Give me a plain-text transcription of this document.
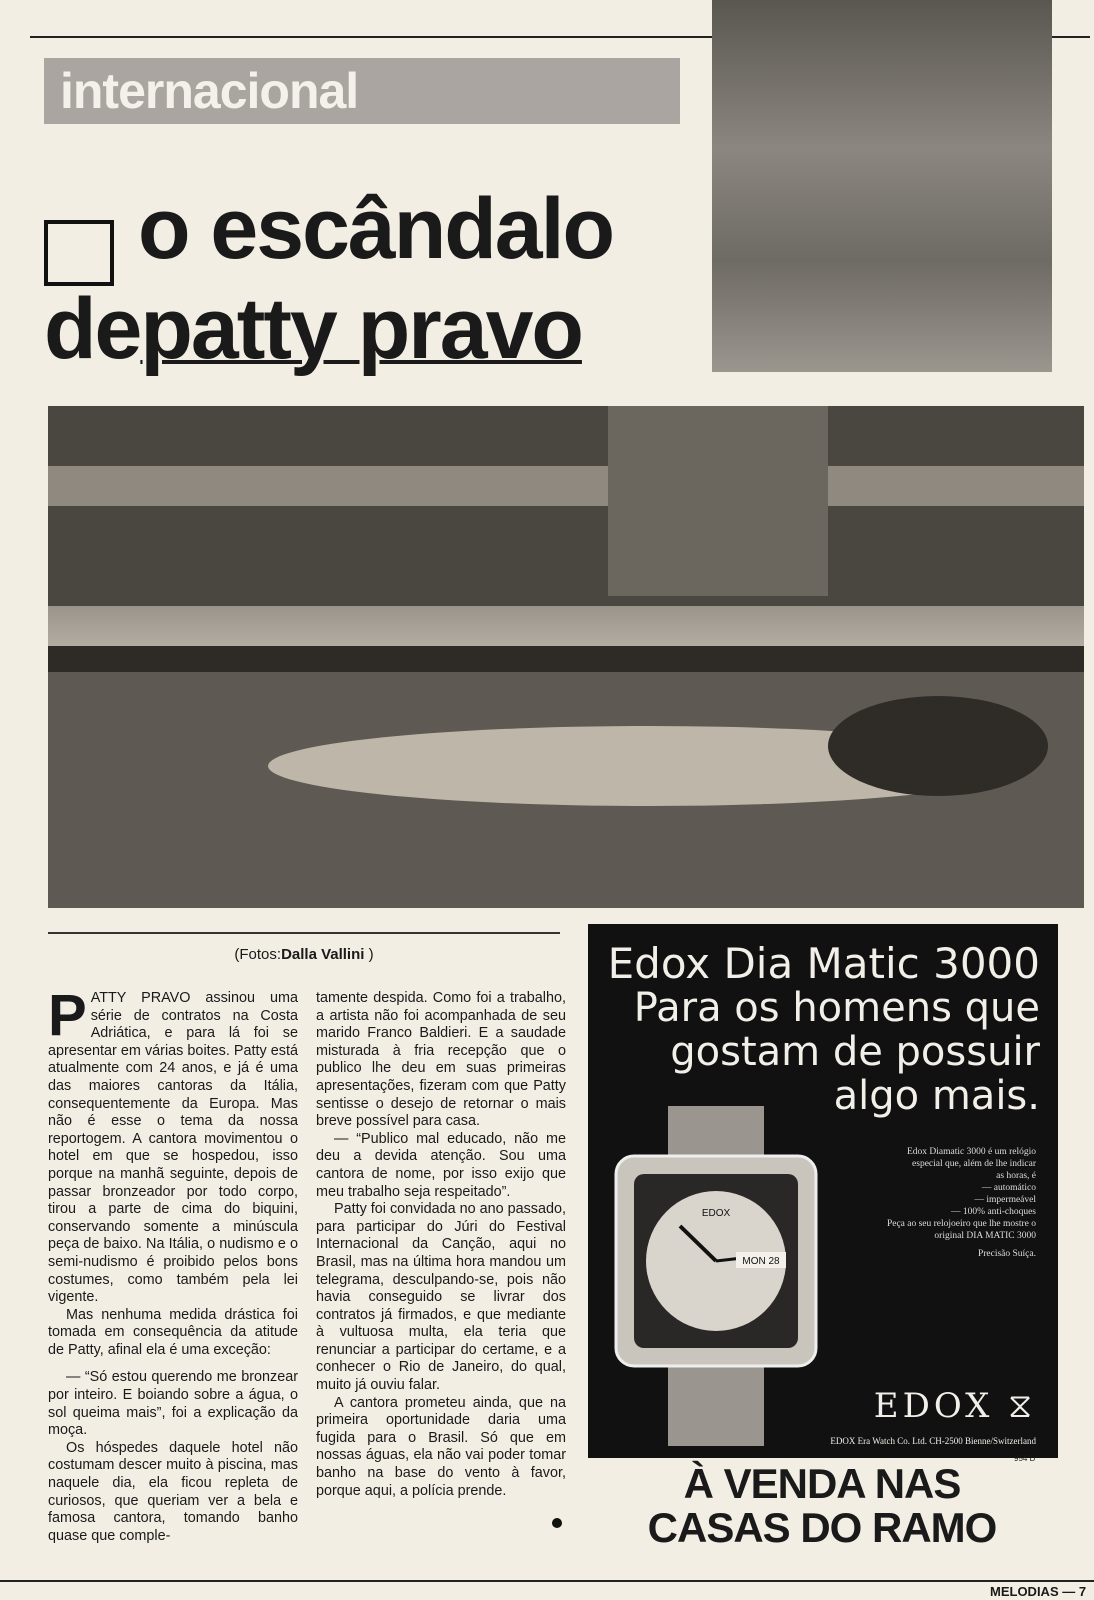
internacional
o escândalo
depatty pravo
(Fotos:Dalla Vallini )
P ATTY PRAVO assinou uma série de contratos na Costa Adriática, e para lá foi se apresentar em várias boites. Patty está atualmente com 24 anos, e já é uma das maiores cantoras da Itália, consequentemente da Europa. Mas não é esse o tema da nossa reportogem. A cantora movimentou o hotel em que se hospedou, isso porque na manhã seguinte, depois de passar bronzeador por todo corpo, tirou a parte de cima do biquini, conservando somente a minúscula peça de baixo. Na Itália, o nudismo e o semi-nudismo é proibido pelos bons costumes, como também pela lei vigente.

Mas nenhuma medida drástica foi tomada em consequência da atitude de Patty, afinal ela é uma exceção:

— “Só estou querendo me bronzear por inteiro. E boiando sobre a água, o sol queima mais”, foi a explicação da moça.

Os hóspedes daquele hotel não costumam descer muito à piscina, mas naquele dia, ela ficou repleta de curiosos, que queriam ver a bela e famosa cantora, tomando banho quase que comple-

tamente despida. Como foi a trabalho, a artista não foi acompanhada de seu marido Franco Baldieri. E a saudade misturada à fria recepção que o publico lhe deu em suas primeiras apresentações, fizeram com que Patty sentisse o desejo de retornar o mais breve possível para casa.

— “Publico mal educado, não me deu a devida atenção. Sou uma cantora de nome, por isso exijo que meu trabalho seja respeitado”.

Patty foi convidada no ano passado, para participar do Júri do Festival Internacional da Canção, aqui no Brasil, mas na última hora mandou um telegrama, desculpando-se, pois não havia conseguido se livrar dos contratos já firmados, e que mediante à vultuosa multa, ela teria que renunciar a participar do certame, e a conhecer o Rio de Janeiro, do qual, muito já ouviu falar.

A cantora prometeu ainda, que na primeira oportunidade daria uma fugida para o Brasil. Só que em nossas águas, ela não vai poder tomar banho na base do vento à favor, porque aqui, a polícia prende.

Edox Dia Matic 3000
Para os homens que
gostam de possuir
algo mais.
Edox Diamatic 3000 é um relógio
especial que, além de lhe indicar
as horas, é
— automático
— impermeável
— 100% anti-choques
Peça ao seu relojoeiro que lhe mostre o
original DIA MATIC 3000
Precisão Suíça.
MON 28
EDOX
EDOX ⧖
EDOX Era Watch Co. Ltd. CH-2500 Bienne/Switzerland
954 D
À VENDA NAS
CASAS DO RAMO
MELODIAS — 7
